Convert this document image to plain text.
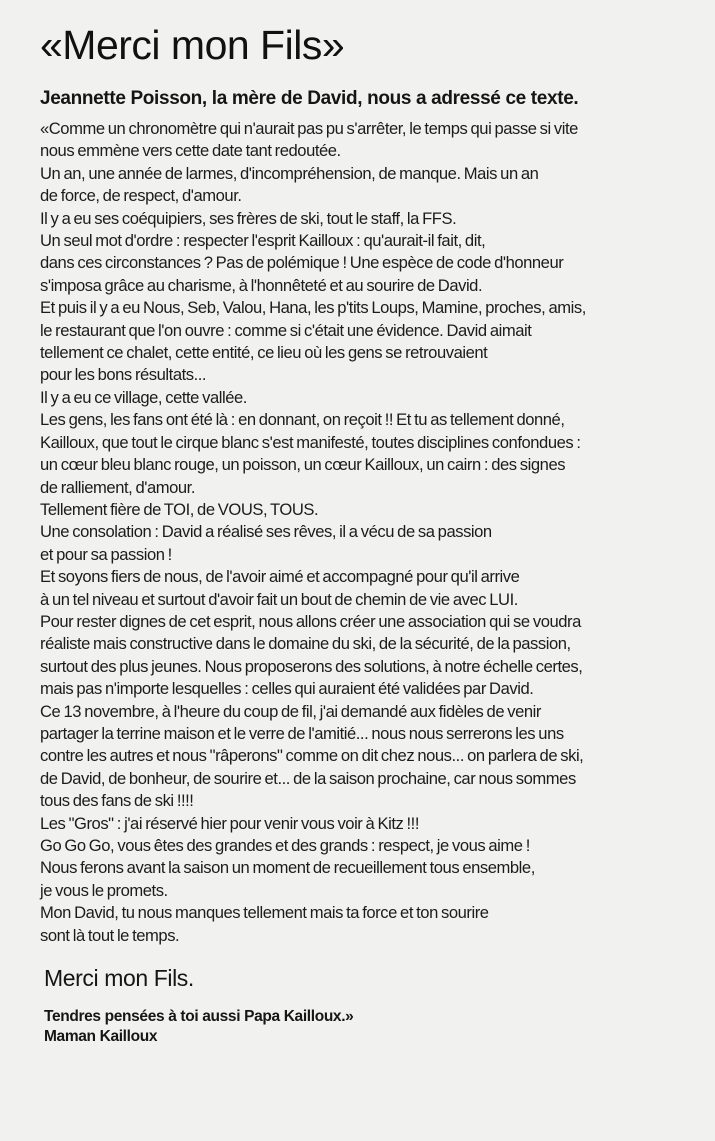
«Merci mon Fils»
Jeannette Poisson, la mère de David, nous a adressé ce texte.
«Comme un chronomètre qui n'aurait pas pu s'arrêter, le temps qui passe si vite
nous emmène vers cette date tant redoutée.
Un an, une année de larmes, d'incompréhension, de manque. Mais un an
de force, de respect, d'amour.
Il y a eu ses coéquipiers, ses frères de ski, tout le staff, la FFS.
Un seul mot d'ordre : respecter l'esprit Kailloux : qu'aurait-il fait, dit,
dans ces circonstances ? Pas de polémique ! Une espèce de code d'honneur
s'imposa grâce au charisme, à l'honnêteté et au sourire de David.
Et puis il y a eu Nous, Seb, Valou, Hana, les p'tits Loups, Mamine, proches, amis,
le restaurant que l'on ouvre : comme si c'était une évidence. David aimait
tellement ce chalet, cette entité, ce lieu où les gens se retrouvaient
pour les bons résultats...
Il y a eu ce village, cette vallée.
Les gens, les fans ont été là : en donnant, on reçoit !! Et tu as tellement donné,
Kailloux, que tout le cirque blanc s'est manifesté, toutes disciplines confondues :
un cœur bleu blanc rouge, un poisson, un cœur Kailloux, un cairn : des signes
de ralliement, d'amour.
Tellement fière de TOI, de VOUS, TOUS.
Une consolation : David a réalisé ses rêves, il a vécu de sa passion
et pour sa passion !
Et soyons fiers de nous, de l'avoir aimé et accompagné pour qu'il arrive
à un tel niveau et surtout d'avoir fait un bout de chemin de vie avec LUI.
Pour rester dignes de cet esprit, nous allons créer une association qui se voudra
réaliste mais constructive dans le domaine du ski, de la sécurité, de la passion,
surtout des plus jeunes. Nous proposerons des solutions, à notre échelle certes,
mais pas n'importe lesquelles : celles qui auraient été validées par David.
Ce 13 novembre, à l'heure du coup de fil, j'ai demandé aux fidèles de venir
partager la terrine maison et le verre de l'amitié... nous nous serrerons les uns
contre les autres et nous "râperons" comme on dit chez nous... on parlera de ski,
de David, de bonheur, de sourire et... de la saison prochaine, car nous sommes
tous des fans de ski !!!!
Les "Gros" : j'ai réservé hier pour venir vous voir à Kitz !!!
Go Go Go, vous êtes des grandes et des grands : respect, je vous aime !
Nous ferons avant la saison un moment de recueillement tous ensemble,
je vous le promets.
Mon David, tu nous manques tellement mais ta force et ton sourire
sont là tout le temps.
Merci mon Fils.
Tendres pensées à toi aussi Papa Kailloux.»
Maman Kailloux
